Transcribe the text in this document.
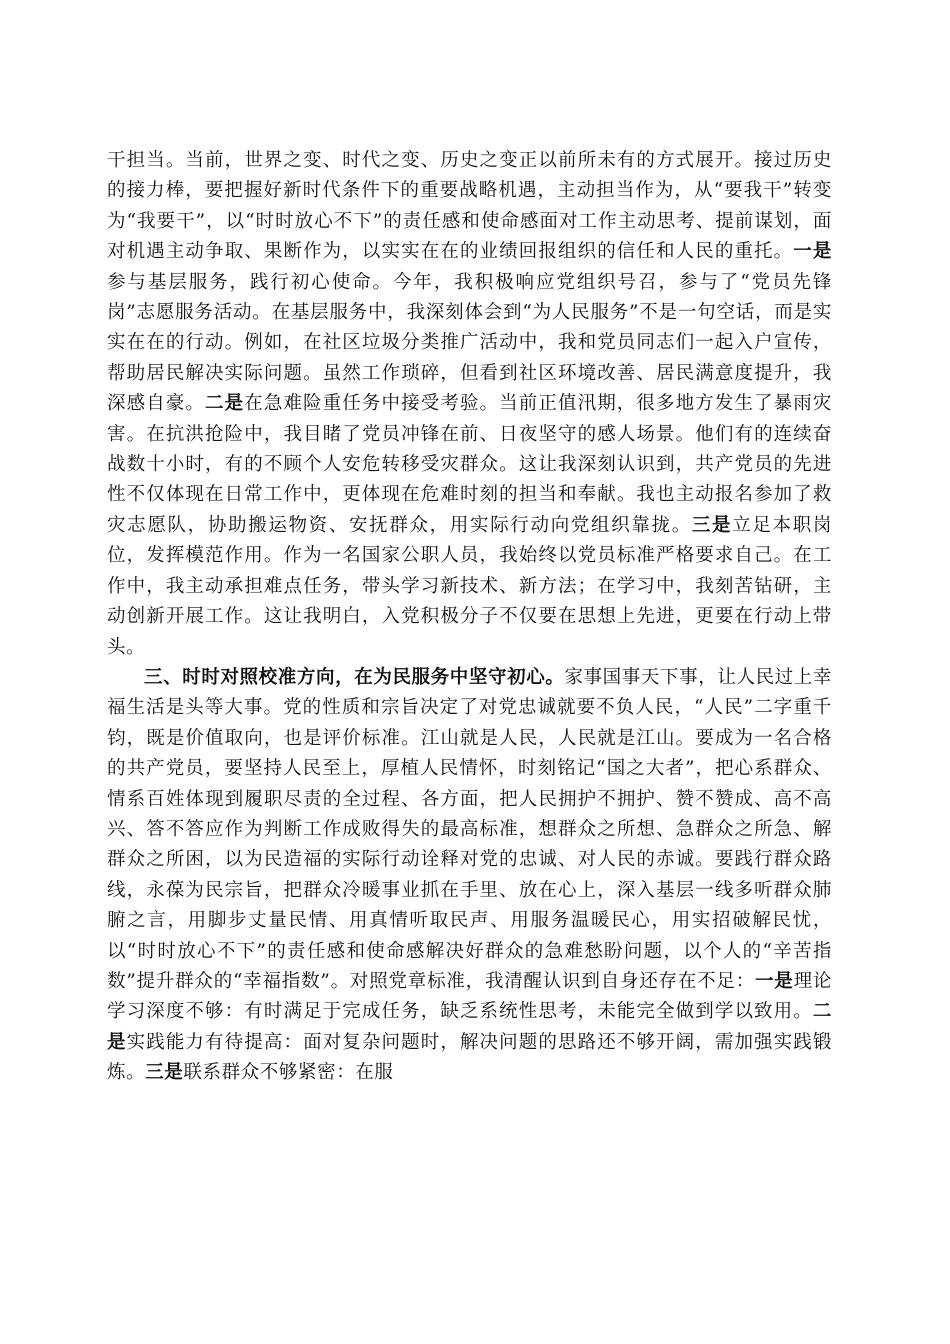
干担当。当前，世界之变、时代之变、历史之变正以前所未有的方式展开。接过历史的接力棒，要把握好新时代条件下的重要战略机遇，主动担当作为，从“要我干”转变为“我要干”，以“时时放心不下”的责任感和使命感面对工作主动思考、提前谋划，面对机遇主动争取、果断作为，以实实在在的业绩回报组织的信任和人民的重托。一是参与基层服务，践行初心使命。今年，我积极响应党组织号召，参与了“党员先锋岗”志愿服务活动。在基层服务中，我深刻体会到“为人民服务”不是一句空话，而是实实在在的行动。例如，在社区垃圾分类推广活动中，我和党员同志们一起入户宣传，帮助居民解决实际问题。虽然工作琐碎，但看到社区环境改善、居民满意度提升，我深感自豪。二是在急难险重任务中接受考验。当前正值汛期，很多地方发生了暴雨灾害。在抗洪抢险中，我目睹了党员冲锋在前、日夜坚守的感人场景。他们有的连续奋战数十小时，有的不顾个人安危转移受灾群众。这让我深刻认识到，共产党员的先进性不仅体现在日常工作中，更体现在危难时刻的担当和奉献。我也主动报名参加了救灾志愿队，协助搬运物资、安抚群众，用实际行动向党组织靠拢。三是立足本职岗位，发挥模范作用。作为一名国家公职人员，我始终以党员标准严格要求自己。在工作中，我主动承担难点任务，带头学习新技术、新方法；在学习中，我刻苦钻研，主动创新开展工作。这让我明白，入党积极分子不仅要在思想上先进，更要在行动上带头。

三、时时对照校准方向，在为民服务中坚守初心。家事国事天下事，让人民过上幸福生活是头等大事。党的性质和宗旨决定了对党忠诚就要不负人民，“人民”二字重千钧，既是价值取向，也是评价标准。江山就是人民，人民就是江山。要成为一名合格的共产党员，要坚持人民至上，厚植人民情怀，时刻铭记“国之大者”，把心系群众、情系百姓体现到履职尽责的全过程、各方面，把人民拥护不拥护、赞不赞成、高不高兴、答不答应作为判断工作成败得失的最高标准，想群众之所想、急群众之所急、解群众之所困，以为民造福的实际行动诠释对党的忠诚、对人民的赤诚。要践行群众路线，永葆为民宗旨，把群众冷暖事业抓在手里、放在心上，深入基层一线多听群众肺腑之言，用脚步丈量民情、用真情听取民声、用服务温暖民心，用实招破解民忧，以“时时放心不下”的责任感和使命感解决好群众的急难愁盼问题，以个人的“辛苦指数”提升群众的“幸福指数”。对照党章标准，我清醒认识到自身还存在不足：一是理论学习深度不够：有时满足于完成任务，缺乏系统性思考，未能完全做到学以致用。二是实践能力有待提高：面对复杂问题时，解决问题的思路还不够开阔，需加强实践锻炼。三是联系群众不够紧密：在服
